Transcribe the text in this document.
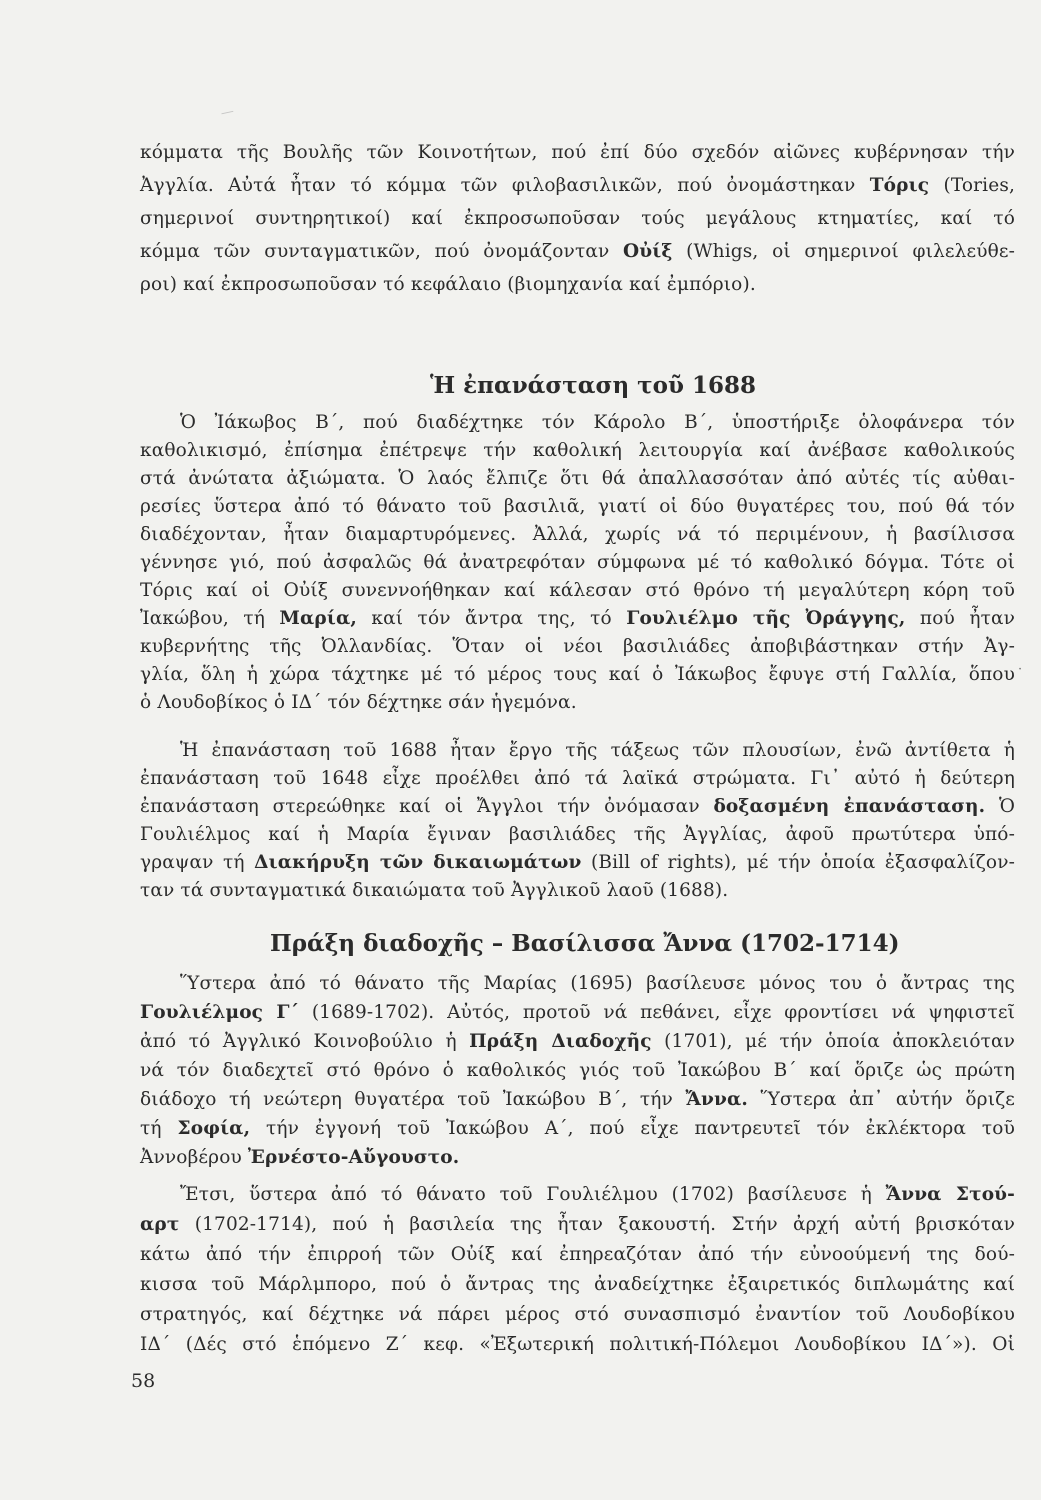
κόμματα τῆς Βουλῆς τῶν Κοινοτήτων, πού ἐπί δύο σχεδόν αἰῶνες κυβέρνησαν τήν
Ἀγγλία. Αὐτά ἦταν τό κόμμα τῶν φιλοβασιλικῶν, πού ὀνομάστηκαν Τόρις (Tories,
σημερινοί συντηρητικοί) καί ἐκπροσωποῦσαν τούς μεγάλους κτηματίες, καί τό
κόμμα τῶν συνταγματικῶν, πού ὀνομάζονταν Οὐίξ (Whigs, οἱ σημερινοί φιλελεύθε-
ροι) καί ἐκπροσωποῦσαν τό κεφάλαιο (βιομηχανία καί ἐμπόριο).
Ἡ ἐπανάσταση τοῦ 1688
Ὁ Ἰάκωβος Β΄, πού διαδέχτηκε τόν Κάρολο Β΄, ὑποστήριξε ὁλοφάνερα τόν
καθολικισμό, ἐπίσημα ἐπέτρεψε τήν καθολική λειτουργία καί ἀνέβασε καθολικούς
στά ἀνώτατα ἀξιώματα. Ὁ λαός ἔλπιζε ὅτι θά ἀπαλλασσόταν ἀπό αὐτές τίς αὐθαι-
ρεσίες ὕστερα ἀπό τό θάνατο τοῦ βασιλιᾶ, γιατί οἱ δύο θυγατέρες του, πού θά τόν
διαδέχονταν, ἦταν διαμαρτυρόμενες. Ἀλλά, χωρίς νά τό περιμένουν, ἡ βασίλισσα
γέννησε γιό, πού ἀσφαλῶς θά ἀνατρεφόταν σύμφωνα μέ τό καθολικό δόγμα. Τότε οἱ
Τόρις καί οἱ Οὐίξ συνεννοήθηκαν καί κάλεσαν στό θρόνο τή μεγαλύτερη κόρη τοῦ
Ἰακώβου, τή Μαρία, καί τόν ἄντρα της, τό Γουλιέλμο τῆς Ὀράγγης, πού ἦταν
κυβερνήτης τῆς Ὀλλανδίας. Ὅταν οἱ νέοι βασιλιάδες ἀποβιβάστηκαν στήν Ἀγ-
γλία, ὅλη ἡ χώρα τάχτηκε μέ τό μέρος τους καί ὁ Ἰάκωβος ἔφυγε στή Γαλλία, ὅπου
ὁ Λουδοβίκος ὁ ΙΔ΄ τόν δέχτηκε σάν ἡγεμόνα.
·
Ἡ ἐπανάσταση τοῦ 1688 ἦταν ἔργο τῆς τάξεως τῶν πλουσίων, ἐνῶ ἀντίθετα ἡ
ἐπανάσταση τοῦ 1648 εἶχε προέλθει ἀπό τά λαϊκά στρώματα. Γι᾿ αὐτό ἡ δεύτερη
ἐπανάσταση στερεώθηκε καί οἱ Ἄγγλοι τήν ὀνόμασαν δοξασμένη ἐπανάσταση. Ὁ
Γουλιέλμος καί ἡ Μαρία ἔγιναν βασιλιάδες τῆς Ἀγγλίας, ἀφοῦ πρωτύτερα ὑπό-
γραψαν τή Διακήρυξη τῶν δικαιωμάτων (Bill of rights), μέ τήν ὁποία ἐξασφαλίζον-
ταν τά συνταγματικά δικαιώματα τοῦ Ἀγγλικοῦ λαοῦ (1688).
Πράξη διαδοχῆς – Βασίλισσα Ἄννα (1702-1714)
Ὕστερα ἀπό τό θάνατο τῆς Μαρίας (1695) βασίλευσε μόνος του ὁ ἄντρας της
Γουλιέλμος Γ΄ (1689-1702). Αὐτός, προτοῦ νά πεθάνει, εἶχε φροντίσει νά ψηφιστεῖ
ἀπό τό Ἀγγλικό Κοινοβούλιο ἡ Πράξη Διαδοχῆς (1701), μέ τήν ὁποία ἀποκλειόταν
νά τόν διαδεχτεῖ στό θρόνο ὁ καθολικός γιός τοῦ Ἰακώβου Β΄ καί ὅριζε ὡς πρώτη
διάδοχο τή νεώτερη θυγατέρα τοῦ Ἰακώβου Β΄, τήν Ἄννα. Ὕστερα ἀπ᾿ αὐτήν ὅριζε
τή Σοφία, τήν ἐγγονή τοῦ Ἰακώβου Α΄, πού εἶχε παντρευτεῖ τόν ἐκλέκτορα τοῦ
Ἀννοβέρου Ἐρνέστο-Αὔγουστο.
Ἔτσι, ὕστερα ἀπό τό θάνατο τοῦ Γουλιέλμου (1702) βασίλευσε ἡ Ἄννα Στού-
αρτ (1702-1714), πού ἡ βασιλεία της ἦταν ξακουστή. Στήν ἀρχή αὐτή βρισκόταν
κάτω ἀπό τήν ἐπιρροή τῶν Οὐίξ καί ἐπηρεαζόταν ἀπό τήν εὐνοούμενή της δού-
κισσα τοῦ Μάρλμπορο, πού ὁ ἄντρας της ἀναδείχτηκε ἐξαιρετικός διπλωμάτης καί
στρατηγός, καί δέχτηκε νά πάρει μέρος στό συνασπισμό ἐναντίον τοῦ Λουδοβίκου
ΙΔ΄ (Δές στό ἑπόμενο Ζ΄ κεφ. «Ἐξωτερική πολιτική-Πόλεμοι Λουδοβίκου ΙΔ΄»). Οἱ
58
